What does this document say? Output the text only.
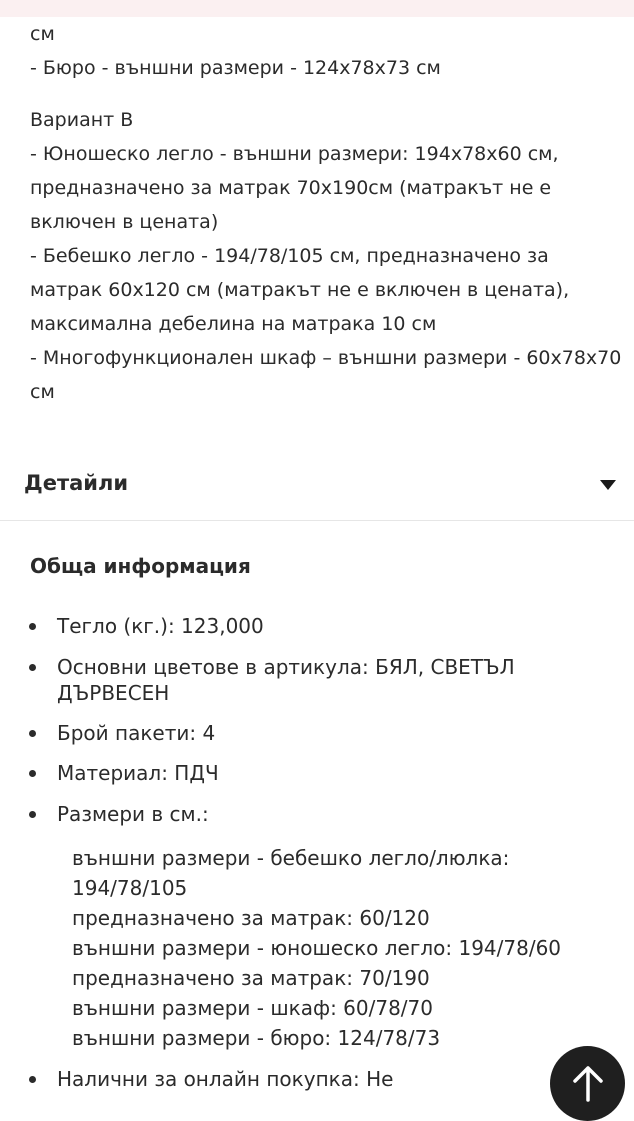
см

- Бюро - външни размери - 124x78x73 см

Вариант В

- Юношеско легло - външни размери: 194x78x60 см,

предназначено за матрак 70x190см (матракът не е

включен в цената)

- Бебешко легло - 194/78/105 см, предназначено за

матрак 60x120 см (матракът не е включен в цената),

максимална дебелина на матрака 10 см

- Многофункционален шкаф – външни размери - 60x78x70

см

Детайли
Обща информация
Тегло (кг.): 123,000
Основни цветове в артикула: БЯЛ, СВЕТЪЛ
ДЪРВЕСЕН
Брой пакети: 4
Материал: ПДЧ
Размери в см.:
външни размери - бебешко легло/люлка:
194/78/105
предназначено за матрак: 60/120
външни размери - юношеско легло: 194/78/60
предназначено за матрак: 70/190
външни размери - шкаф: 60/78/70
външни размери - бюро: 124/78/73
Налични за онлайн покупка: Не
